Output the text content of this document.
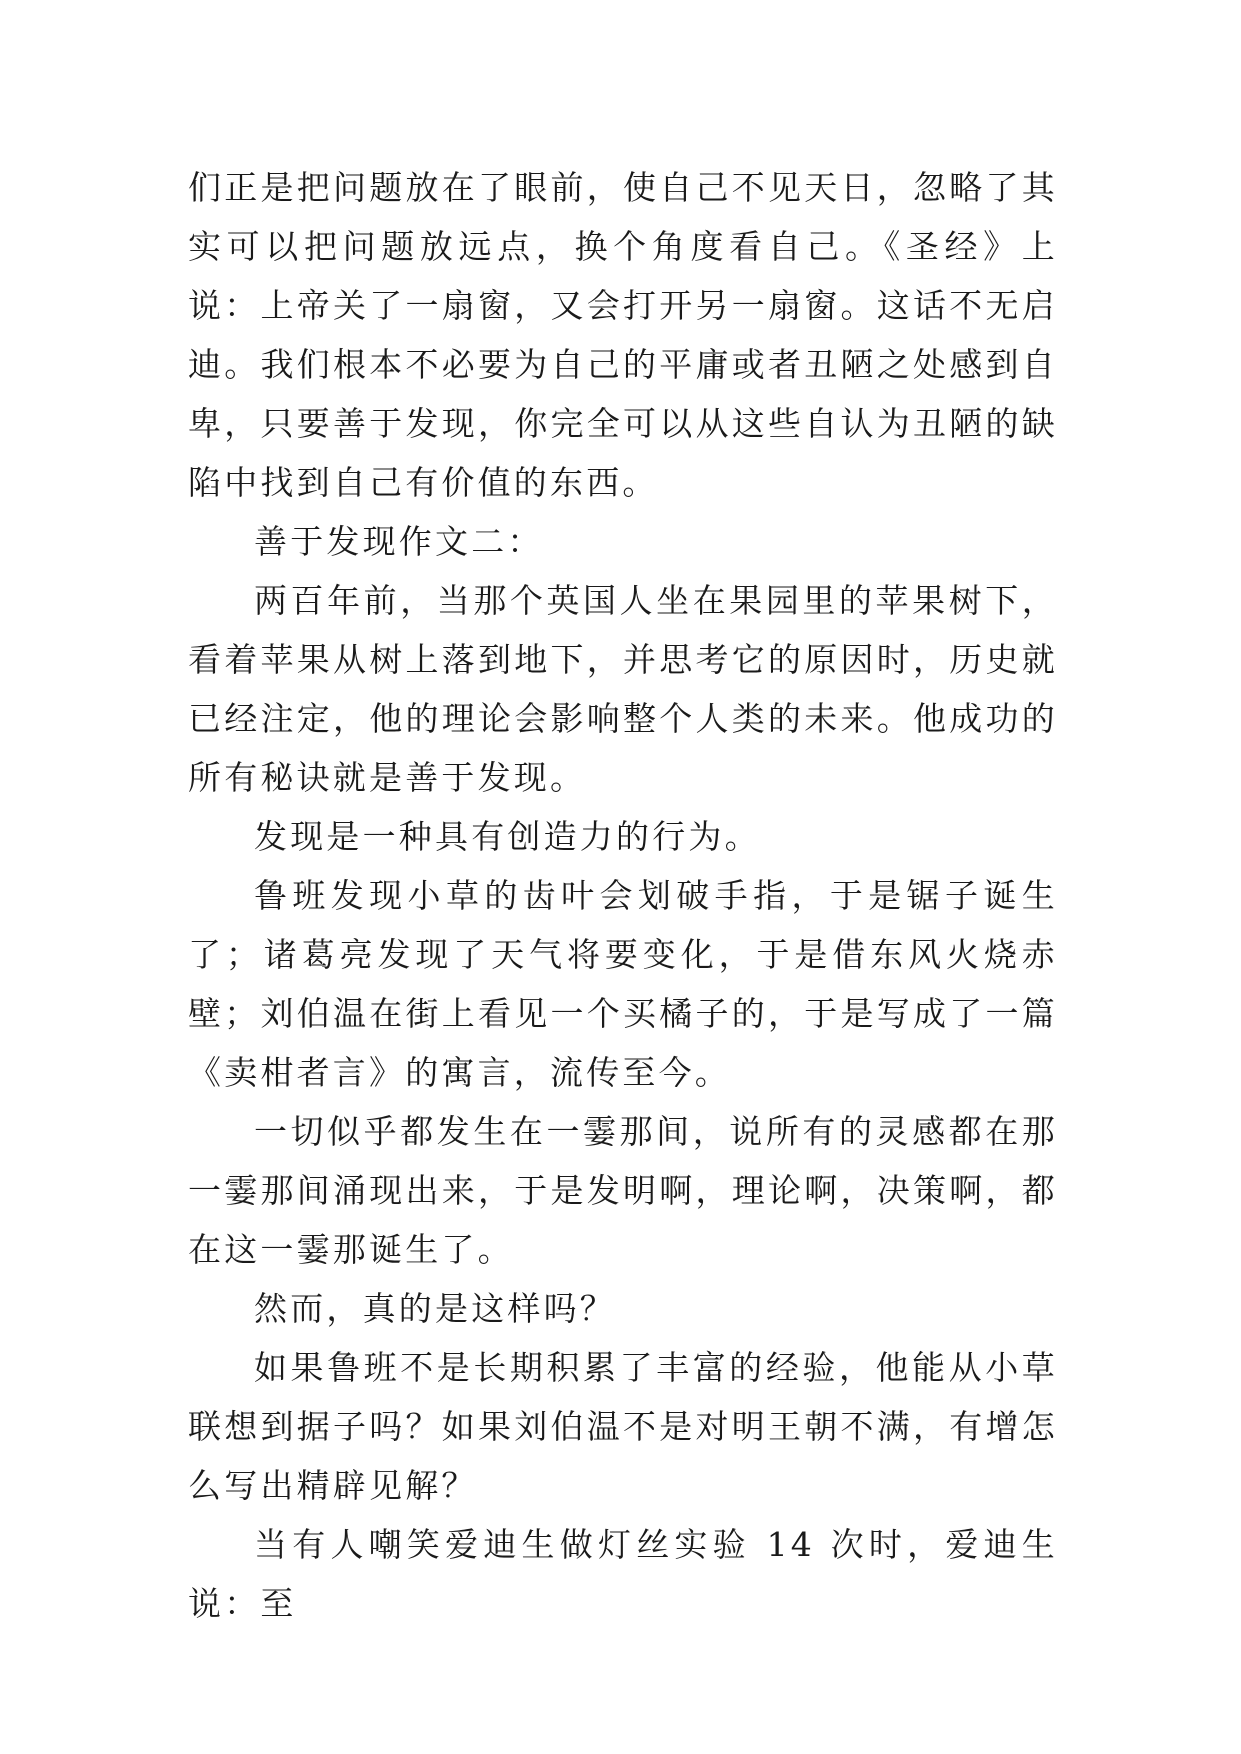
们正是把问题放在了眼前，使自己不见天日，忽略了其实可以把问题放远点，换个角度看自己。《圣经》上说：上帝关了一扇窗，又会打开另一扇窗。这话不无启迪。我们根本不必要为自己的平庸或者丑陋之处感到自卑，只要善于发现，你完全可以从这些自认为丑陋的缺陷中找到自己有价值的东西。

善于发现作文二：

两百年前，当那个英国人坐在果园里的苹果树下，看着苹果从树上落到地下，并思考它的原因时，历史就已经注定，他的理论会影响整个人类的未来。他成功的所有秘诀就是善于发现。

发现是一种具有创造力的行为。

鲁班发现小草的齿叶会划破手指，于是锯子诞生了；诸葛亮发现了天气将要变化，于是借东风火烧赤壁；刘伯温在街上看见一个买橘子的，于是写成了一篇《卖柑者言》的寓言，流传至今。

一切似乎都发生在一霎那间，说所有的灵感都在那一霎那间涌现出来，于是发明啊，理论啊，决策啊，都在这一霎那诞生了。

然而，真的是这样吗？

如果鲁班不是长期积累了丰富的经验，他能从小草联想到据子吗？如果刘伯温不是对明王朝不满，有增怎么写出精辟见解？

当有人嘲笑爱迪生做灯丝实验 14 次时，爱迪生说：至
